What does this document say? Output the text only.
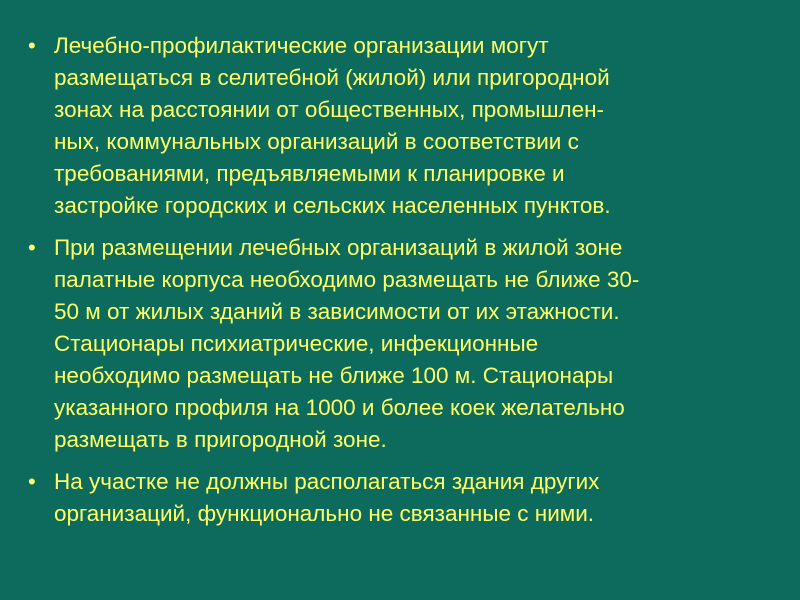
• Лечебно-профилактические организации могут
размещаться в селитебной (жилой) или пригородной
зонах на расстоянии от общественных, промышлен-
ных, коммунальных организаций в соответствии с
требованиями, предъявляемыми к планировке и
застройке городских и сельских населенных пунктов.
• При размещении лечебных организаций в жилой зоне
палатные корпуса необходимо размещать не ближе 30-
50 м от жилых зданий в зависимости от их этажности.
Стационары психиатрические, инфекционные
необходимо размещать не ближе 100 м. Стационары
указанного профиля на 1000 и более коек желательно
размещать в пригородной зоне.
• На участке не должны располагаться здания других
организаций, функционально не связанные с ними.
